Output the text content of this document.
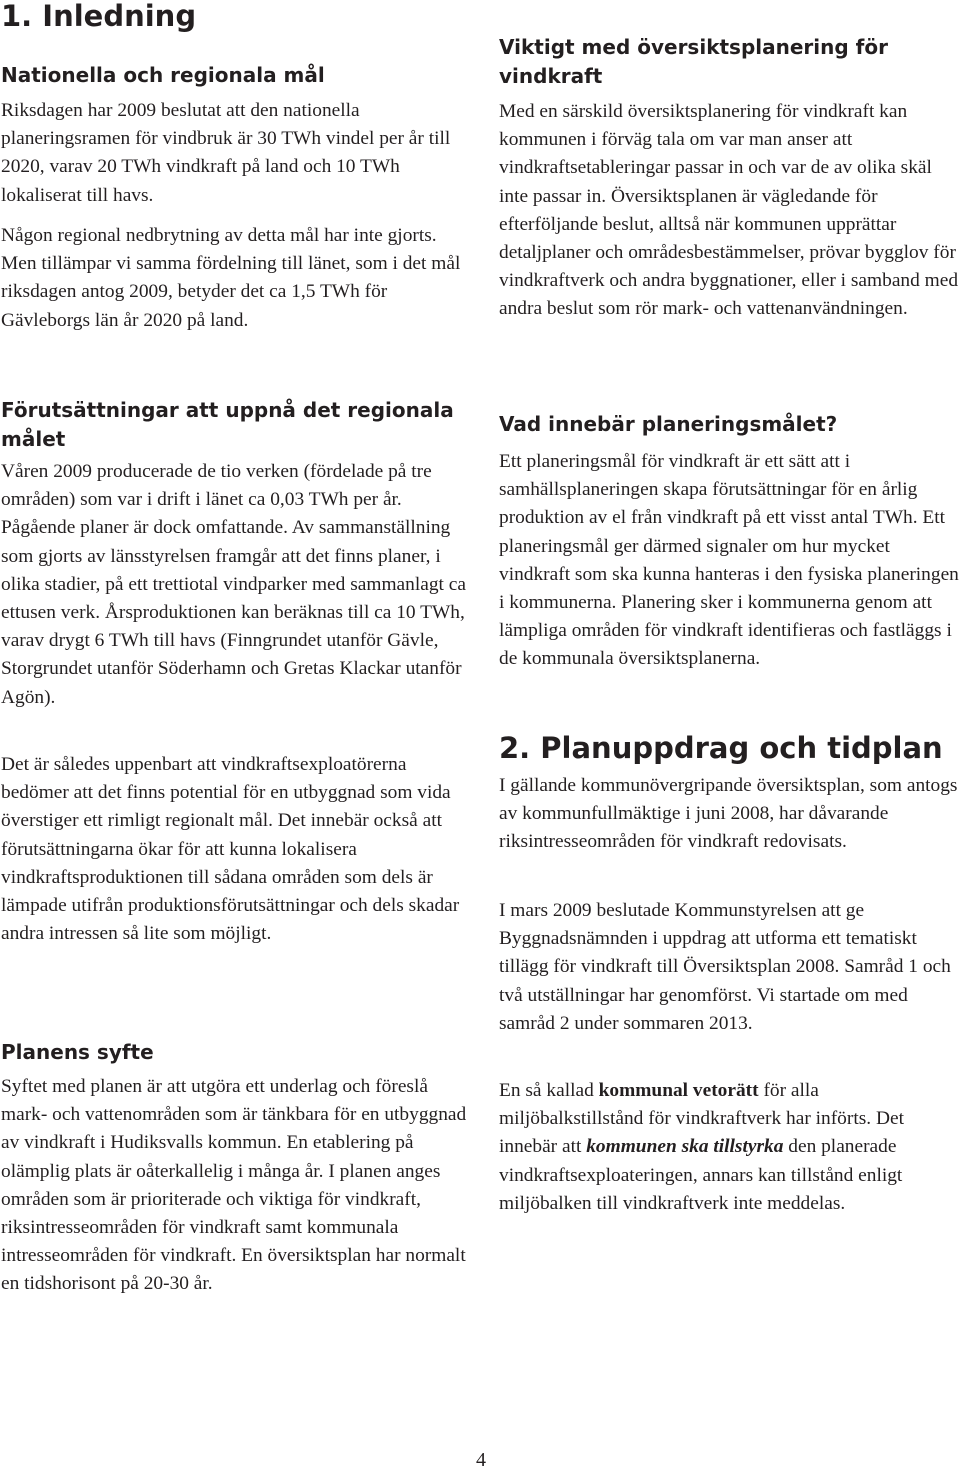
1. Inledning
Nationella och regionala mål

Riksdagen har 2009 beslutat att den nationella planeringsramen för vindbruk är 30 TWh vindel per år till 2020, varav 20 TWh vindkraft på land och 10 TWh lokaliserat till havs.

Någon regional nedbrytning av detta mål har inte gjorts. Men tillämpar vi samma fördelning till länet, som i det mål riksdagen antog 2009, betyder det ca 1,5 TWh för Gävleborgs län år 2020 på land.

Förutsättningar att uppnå det regionala målet

Våren 2009 producerade de tio verken (fördelade på tre områden) som var i drift i länet ca 0,03 TWh per år. Pågående planer är dock omfattande. Av sammanställning som gjorts av länsstyrelsen framgår att det finns planer, i olika stadier, på ett trettiotal vindparker med sammanlagt ca ettusen verk. Årsproduktionen kan beräknas till ca 10 TWh, varav drygt 6 TWh till havs (Finngrundet utanför Gävle, Storgrundet utanför Söderhamn och Gretas Klackar utanför Agön).

Det är således uppenbart att vindkraftsexploatörerna bedömer att det finns potential för en utbyggnad som vida överstiger ett rimligt regionalt mål. Det innebär också att förutsättningarna ökar för att kunna lokalisera vindkraftsproduktionen till sådana områden som dels är lämpade utifrån produktionsförutsättningar och dels skadar andra intressen så lite som möjligt.

Planens syfte

Syftet med planen är att utgöra ett underlag och föreslå mark- och vattenområden som är tänkbara för en utbyggnad av vindkraft i Hudiksvalls kommun. En etablering på olämplig plats är oåterkallelig i många år. I planen anges områden som är prioriterade och viktiga för vindkraft, riksintresseområden för vindkraft samt kommunala intresseområden för vindkraft. En översiktsplan har normalt en tidshorisont på 20-30 år.

Viktigt med översiktsplanering för vindkraft

Med en särskild översiktsplanering för vindkraft kan kommunen i förväg tala om var man anser att vindkraftsetableringar passar in och var de av olika skäl inte passar in. Översiktsplanen är vägledande för efterföljande beslut, alltså när kommunen upprättar detaljplaner och områdesbestämmelser, prövar bygglov för vindkraftverk och andra byggnationer, eller i samband med andra beslut som rör mark- och vattenanvändningen.

Vad innebär planeringsmålet?

Ett planeringsmål för vindkraft är ett sätt att i samhällsplaneringen skapa förutsättningar för en årlig produktion av el från vindkraft på ett visst antal TWh. Ett planeringsmål ger därmed signaler om hur mycket vindkraft som ska kunna hanteras i den fysiska planeringen i kommunerna. Planering sker i kommunerna genom att lämpliga områden för vindkraft identifieras och fastläggs i de kommunala översiktsplanerna.

2. Planuppdrag och tidplan

I gällande kommunövergripande översiktsplan, som antogs av kommunfullmäktige i juni 2008, har dåvarande riksintresseområden för vindkraft redovisats.

I mars 2009 beslutade Kommunstyrelsen att ge Byggnadsnämnden i uppdrag att utforma ett tematiskt tillägg för vindkraft till Översiktsplan 2008. Samråd 1 och två utställningar har genomförst. Vi startade om med samråd 2 under sommaren 2013.

En så kallad kommunal vetorätt för alla miljöbalkstillstånd för vindkraftverk har införts. Det innebär att kommunen ska tillstyrka den planerade vindkraftsexploateringen, annars kan tillstånd enligt miljöbalken till vindkraftverk inte meddelas.

4
